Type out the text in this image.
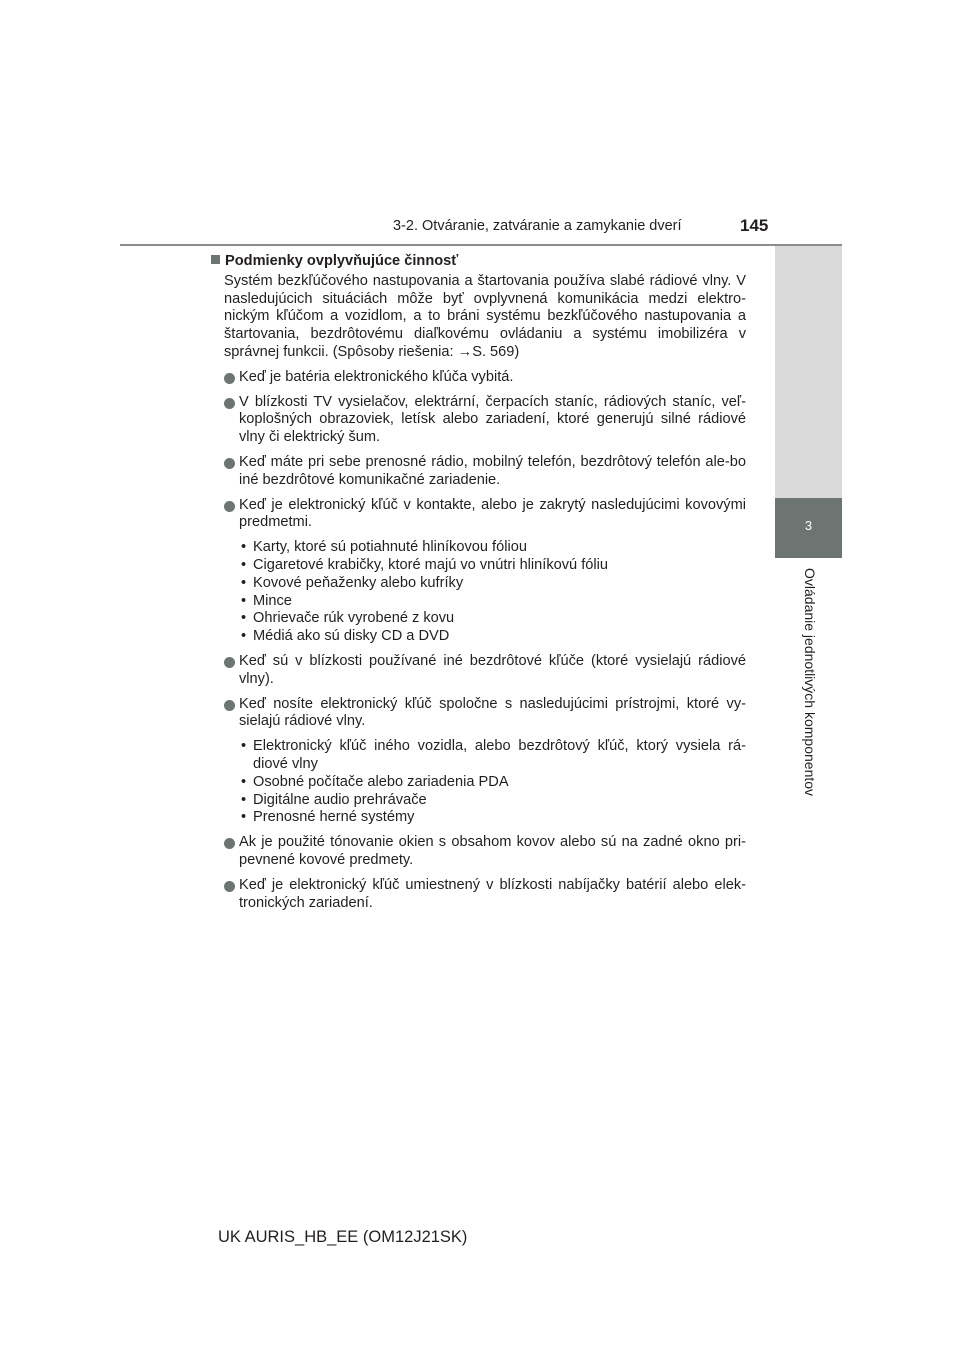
3-2. Otváranie, zatváranie a zamykanie dverí	145
3
Ovládanie jednotlivých komponentov
Podmienky ovplyvňujúce činnosť
Systém bezkľúčového nastupovania a štartovania používa slabé rádiové vlny. V nasledujúcich situáciách môže byť ovplyvnená komunikácia medzi elektro-nickým kľúčom a vozidlom, a to bráni systému bezkľúčového nastupovania a štartovania, bezdrôtovému diaľkovému ovládaniu a systému imobilizéra v správnej funkcii. (Spôsoby riešenia: →S. 569)
Keď je batéria elektronického kľúča vybitá.
V blízkosti TV vysielačov, elektrární, čerpacích staníc, rádiových staníc, veľ-koplošných obrazoviek, letísk alebo zariadení, ktoré generujú silné rádiové vlny či elektrický šum.
Keď máte pri sebe prenosné rádio, mobilný telefón, bezdrôtový telefón ale-bo iné bezdrôtové komunikačné zariadenie.
Keď je elektronický kľúč v kontakte, alebo je zakrytý nasledujúcimi kovovými predmetmi.
• Karty, ktoré sú potiahnuté hliníkovou fóliou
• Cigaretové krabičky, ktoré majú vo vnútri hliníkovú fóliu
• Kovové peňaženky alebo kufríky
• Mince
• Ohrievače rúk vyrobené z kovu
• Médiá ako sú disky CD a DVD
Keď sú v blízkosti používané iné bezdrôtové kľúče (ktoré vysielajú rádiové vlny).
Keď nosíte elektronický kľúč spoločne s nasledujúcimi prístrojmi, ktoré vy-sielajú rádiové vlny.
• Elektronický kľúč iného vozidla, alebo bezdrôtový kľúč, ktorý vysiela rá-diové vlny
• Osobné počítače alebo zariadenia PDA
• Digitálne audio prehrávače
• Prenosné herné systémy
Ak je použité tónovanie okien s obsahom kovov alebo sú na zadné okno pri-pevnené kovové predmety.
Keď je elektronický kľúč umiestnený v blízkosti nabíjačky batérií alebo elek-tronických zariadení.
UK AURIS_HB_EE (OM12J21SK)
